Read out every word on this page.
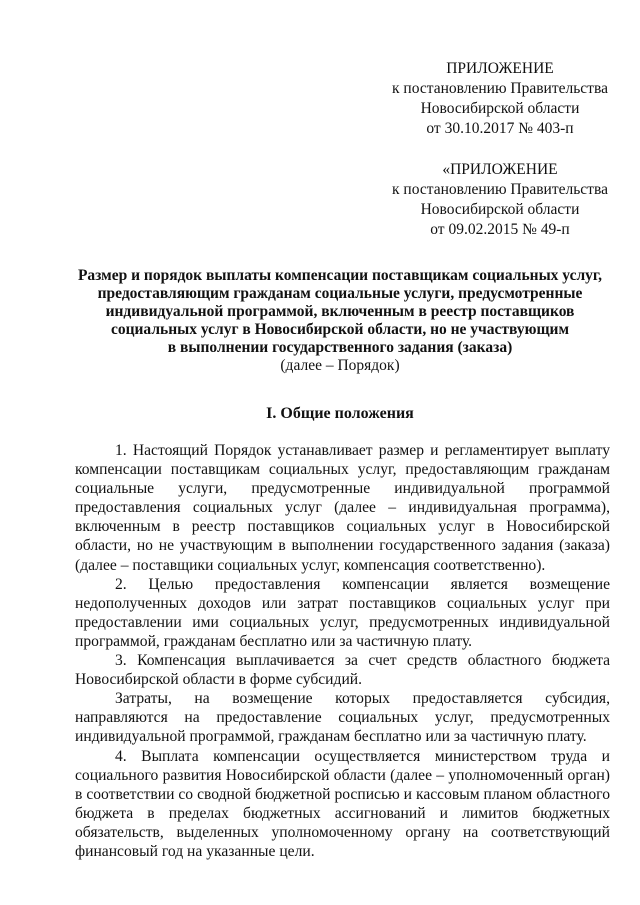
ПРИЛОЖЕНИЕ
к постановлению Правительства
Новосибирской области
от 30.10.2017 № 403-п
«ПРИЛОЖЕНИЕ
к постановлению Правительства
Новосибирской области
от 09.02.2015 № 49-п
Размер и порядок выплаты компенсации поставщикам социальных услуг,
предоставляющим гражданам социальные услуги, предусмотренные
индивидуальной программой, включенным в реестр поставщиков
социальных услуг в Новосибирской области, но не участвующим
в выполнении государственного задания (заказа)
(далее – Порядок)
I. Общие положения

1. Настоящий Порядок устанавливает размер и регламентирует выплату компенсации поставщикам социальных услуг, предоставляющим гражданам социальные услуги, предусмотренные индивидуальной программой предоставления социальных услуг (далее – индивидуальная программа), включенным в реестр поставщиков социальных услуг в Новосибирской области, но не участвующим в выполнении государственного задания (заказа) (далее – поставщики социальных услуг, компенсация соответственно).

2. Целью предоставления компенсации является возмещение недополученных доходов или затрат поставщиков социальных услуг при предоставлении ими социальных услуг, предусмотренных индивидуальной программой, гражданам бесплатно или за частичную плату.

3. Компенсация выплачивается за счет средств областного бюджета Новосибирской области в форме субсидий.

Затраты, на возмещение которых предоставляется субсидия, направляются на предоставление социальных услуг, предусмотренных индивидуальной программой, гражданам бесплатно или за частичную плату.

4. Выплата компенсации осуществляется министерством труда и социального развития Новосибирской области (далее – уполномоченный орган) в соответствии со сводной бюджетной росписью и кассовым планом областного бюджета в пределах бюджетных ассигнований и лимитов бюджетных обязательств, выделенных уполномоченному органу на соответствующий финансовый год на указанные цели.
